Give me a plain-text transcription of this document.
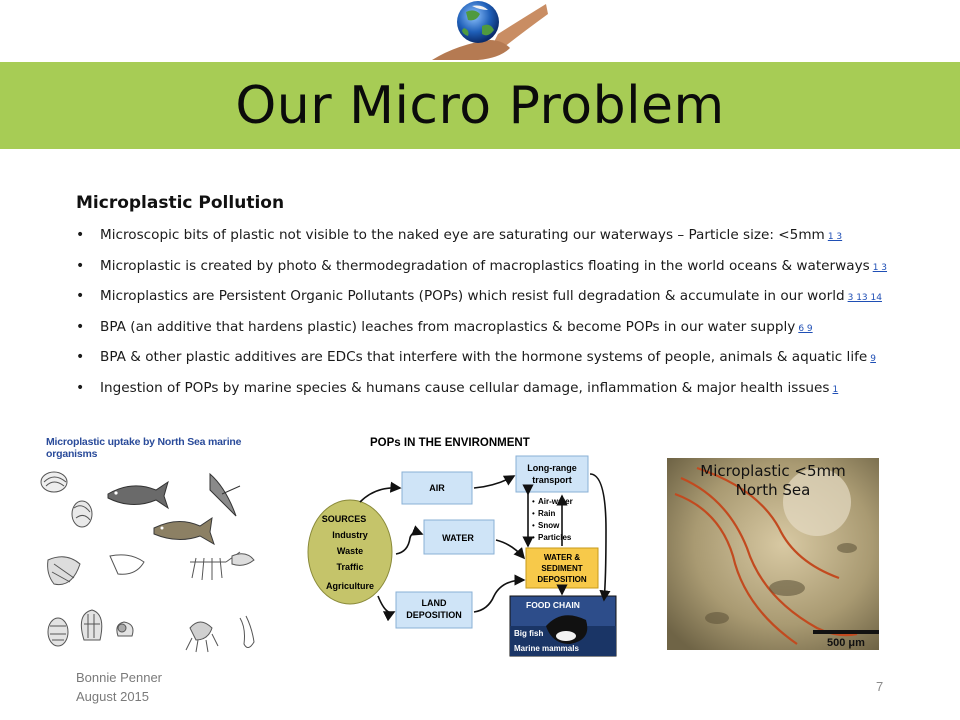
Our Micro Problem
Microplastic Pollution
• Microscopic bits of plastic not visible to the naked eye are saturating our waterways – Particle size: <5mm 1 3
• Microplastic is created by photo & thermodegradation of macroplastics floating in the world oceans & waterways 1 3
• Microplastics are Persistent Organic Pollutants (POPs) which resist full degradation & accumulate in our world 3 13 14
• BPA (an additive that hardens plastic) leaches from macroplastics & become POPs in our water supply 6 9
• BPA & other plastic additives are EDCs that interfere with the hormone systems of people, animals & aquatic life 9
• Ingestion of POPs by marine species & humans cause cellular damage, inflammation & major health issues 1
Microplastic uptake by North Sea marine organisms
POPs IN THE ENVIRONMENT
SOURCES
Industry
Waste
Traffic
Agriculture
AIR
WATER
LAND
DEPOSITION
Long-range
transport
Air-water
Rain
Snow
Particles
•
•
•
•
WATER &
SEDIMENT
DEPOSITION
FOOD CHAIN
Big fish
Marine mammals	500 μm
Microplastic <5mm
North Sea
Bonnie Penner
August 2015
7
